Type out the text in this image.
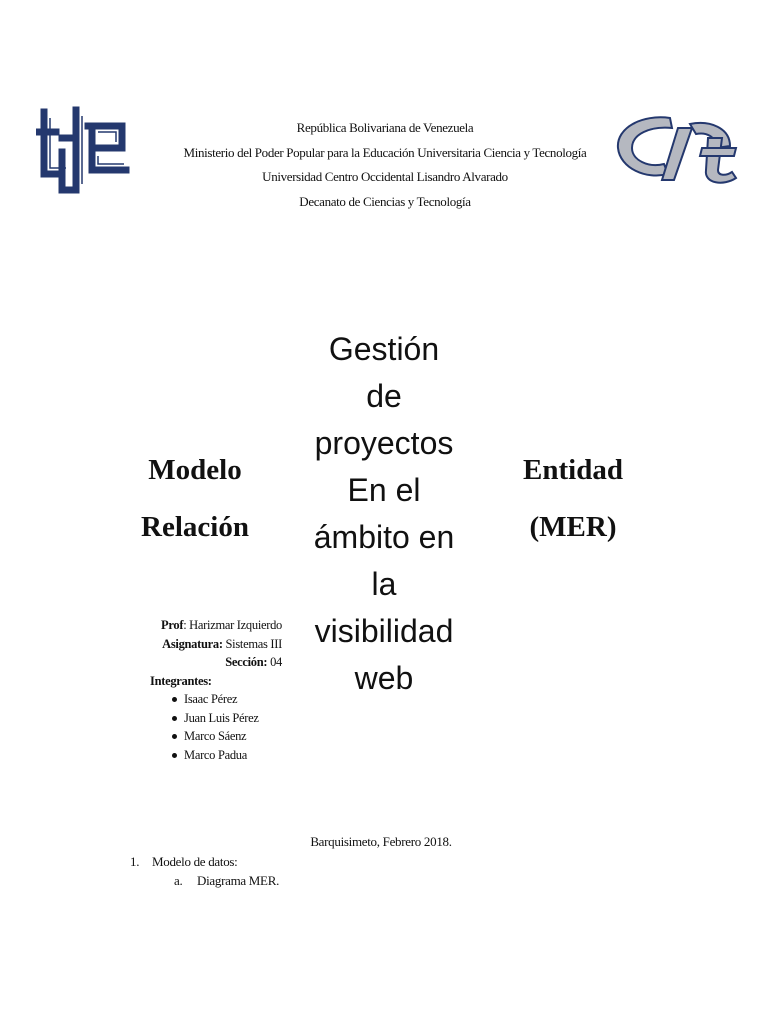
República Bolivariana de Venezuela
Ministerio del Poder Popular para la Educación Universitaria Ciencia y Tecnología
Universidad Centro Occidental Lisandro Alvarado
Decanato de Ciencias y Tecnología
Modelo
Relación
Gestión
de
proyectos
En el
ámbito en
la
visibilidad
web
Entidad
(MER)
Prof: Harizmar Izquierdo
Asignatura: Sistemas III
Sección: 04
Integrantes:
Isaac Pérez
Juan Luis Pérez
Marco Sáenz
Marco Padua
Barquisimeto, Febrero 2018.
1. Modelo de datos:
a. Diagrama MER.
